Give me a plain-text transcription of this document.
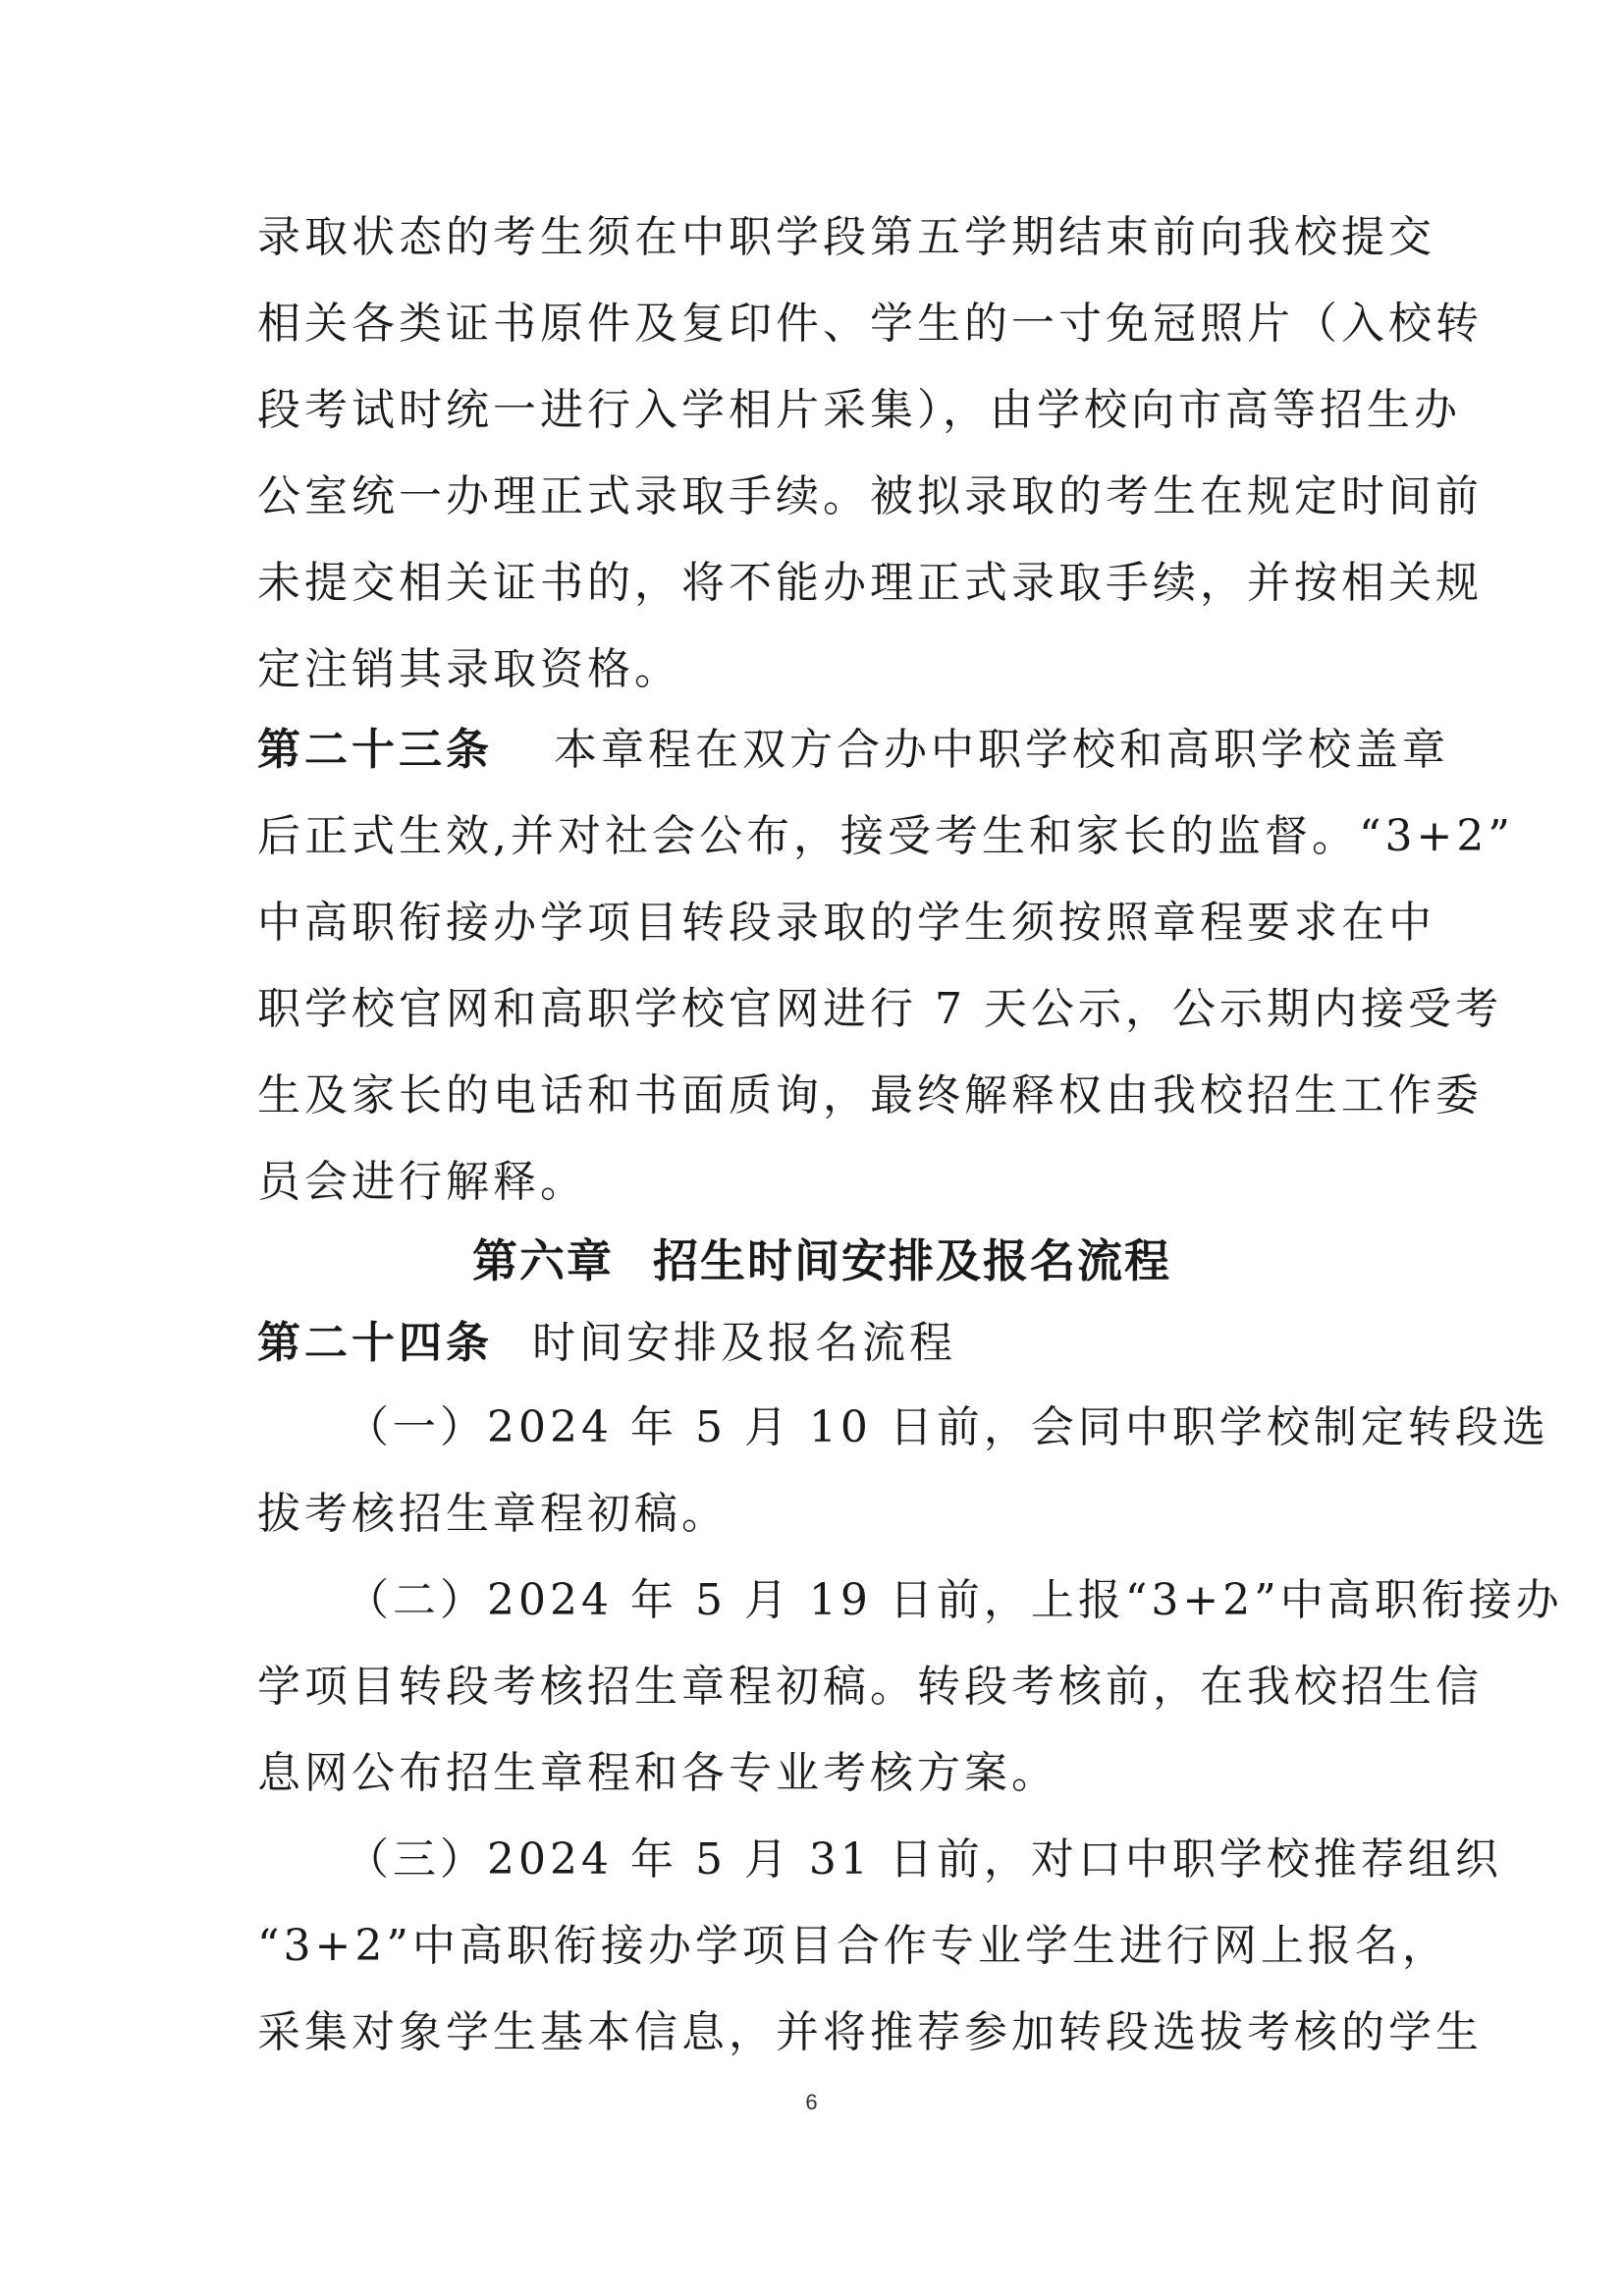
录取状态的考生须在中职学段第五学期结束前向我校提交
相关各类证书原件及复印件、学生的一寸免冠照片（入校转
段考试时统一进行入学相片采集），由学校向市高等招生办
公室统一办理正式录取手续。被拟录取的考生在规定时间前
未提交相关证书的，将不能办理正式录取手续，并按相关规
定注销其录取资格。
第二十三条 本章程在双方合办中职学校和高职学校盖章
后正式生效,并对社会公布，接受考生和家长的监督。“3+2”
中高职衔接办学项目转段录取的学生须按照章程要求在中
职学校官网和高职学校官网进行 7 天公示，公示期内接受考
生及家长的电话和书面质询，最终解释权由我校招生工作委
员会进行解释。
第六章 招生时间安排及报名流程
第二十四条 时间安排及报名流程
（一）2024 年 5 月 10 日前，会同中职学校制定转段选
拔考核招生章程初稿。
（二）2024 年 5 月 19 日前，上报“3+2”中高职衔接办
学项目转段考核招生章程初稿。转段考核前，在我校招生信
息网公布招生章程和各专业考核方案。
（三）2024 年 5 月 31 日前，对口中职学校推荐组织
“3+2”中高职衔接办学项目合作专业学生进行网上报名，
采集对象学生基本信息，并将推荐参加转段选拔考核的学生
6
